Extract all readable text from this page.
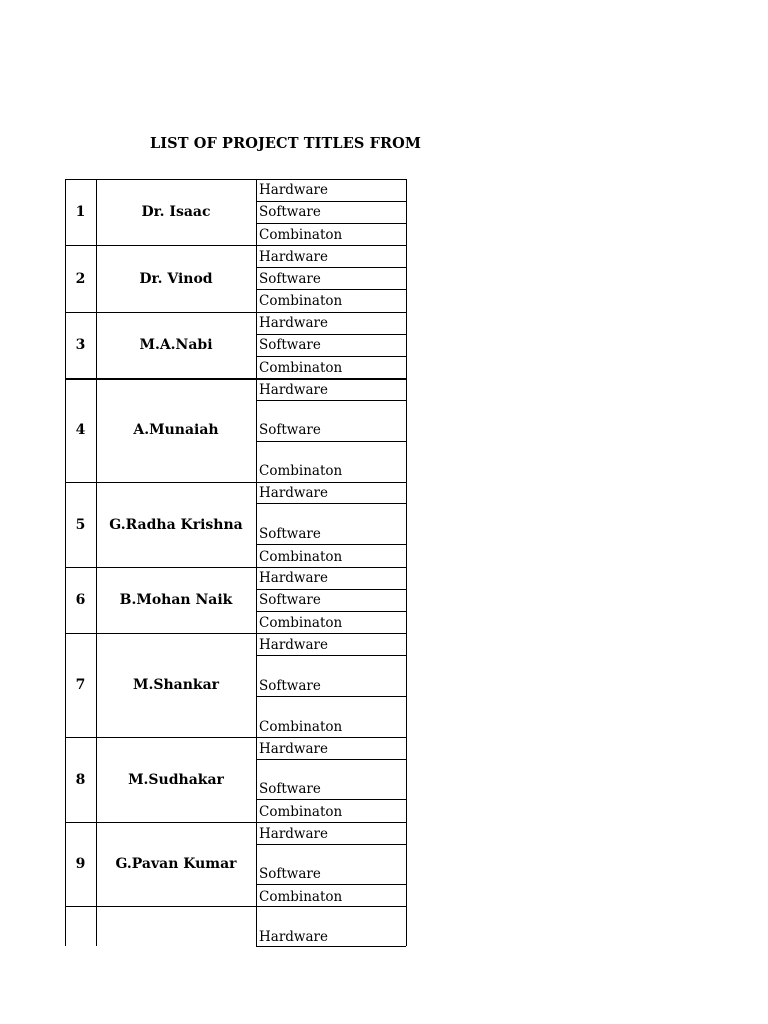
LIST OF PROJECT TITLES FROM
1	Dr. Isaac
Hardware
Software
Combinaton
2	Dr. Vinod
Hardware
Software
Combinaton
3	M.A.Nabi
Hardware
Software
Combinaton
4	A.Munaiah
Hardware
Software
Combinaton
5	G.Radha Krishna
Hardware
Software
Combinaton
6	B.Mohan Naik
Hardware
Software
Combinaton
7	M.Shankar
Hardware
Software
Combinaton
8	M.Sudhakar
Hardware
Software
Combinaton
9	G.Pavan Kumar
Hardware
Software
Combinaton
Hardware
